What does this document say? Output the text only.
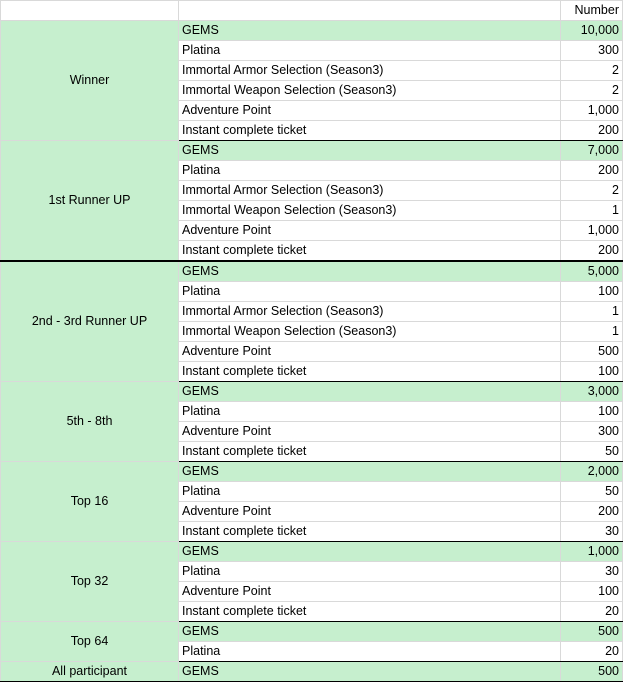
		Number
Winner	GEMS	10,000
	Platina	300
	Immortal Armor Selection (Season3)	2
	Immortal Weapon Selection (Season3)	2
	Adventure Point	1,000
	Instant complete ticket	200
1st Runner UP	GEMS	7,000
	Platina	200
	Immortal Armor Selection (Season3)	2
	Immortal Weapon Selection (Season3)	1
	Adventure Point	1,000
	Instant complete ticket	200
2nd - 3rd Runner UP	GEMS	5,000
	Platina	100
	Immortal Armor Selection (Season3)	1
	Immortal Weapon Selection (Season3)	1
	Adventure Point	500
	Instant complete ticket	100
5th - 8th	GEMS	3,000
	Platina	100
	Adventure Point	300
	Instant complete ticket	50
Top 16	GEMS	2,000
	Platina	50
	Adventure Point	200
	Instant complete ticket	30
Top 32	GEMS	1,000
	Platina	30
	Adventure Point	100
	Instant complete ticket	20
Top 64	GEMS	500
	Platina	20
All participant	GEMS	500
